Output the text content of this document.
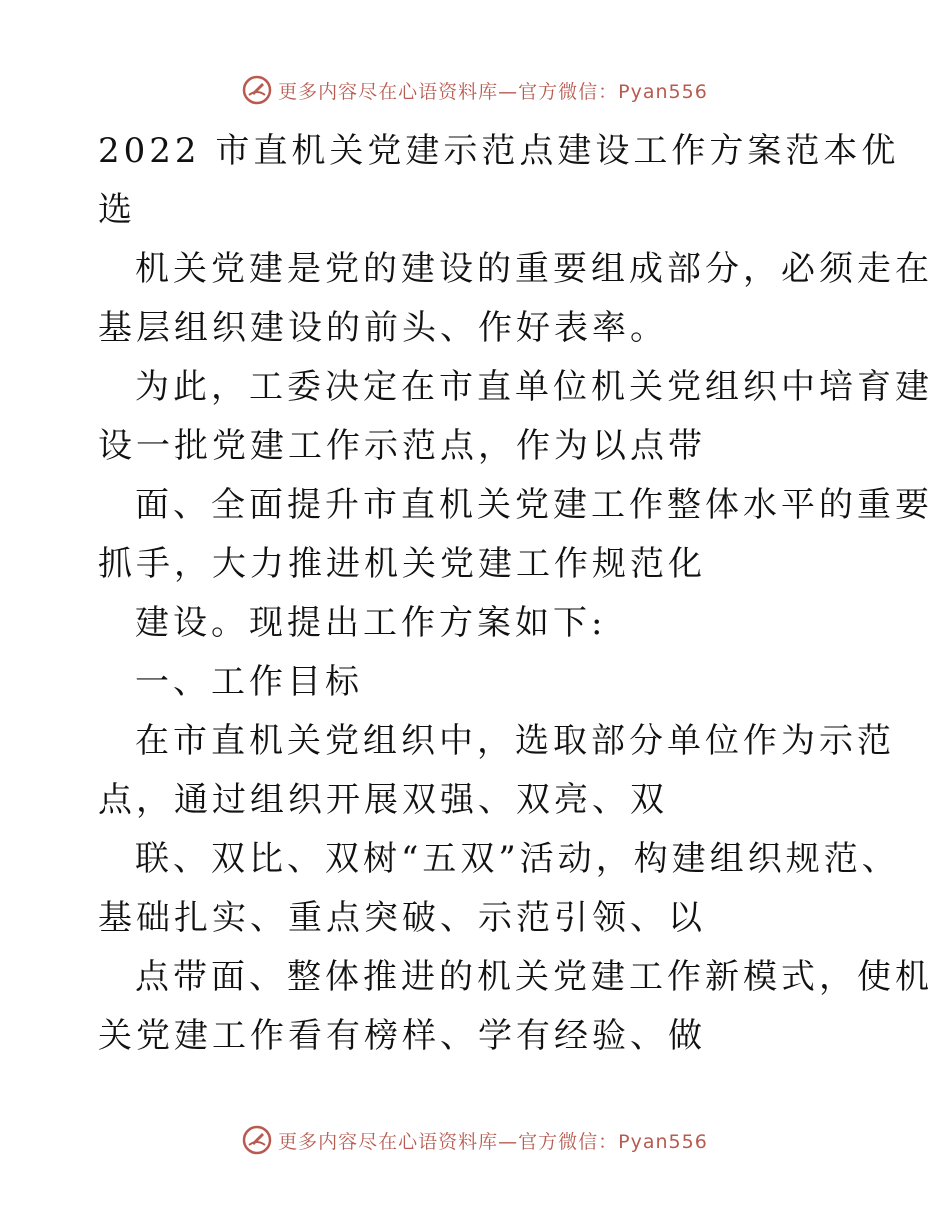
更多内容尽在心语资料库—官方微信：Pyan556
2022 市直机关党建示范点建设工作方案范本优
选
机关党建是党的建设的重要组成部分，必须走在
基层组织建设的前头、作好表率。
为此，工委决定在市直单位机关党组织中培育建
设一批党建工作示范点，作为以点带
面、全面提升市直机关党建工作整体水平的重要
抓手，大力推进机关党建工作规范化
建设。现提出工作方案如下:
一、工作目标
在市直机关党组织中，选取部分单位作为示范
点，通过组织开展双强、双亮、双
联、双比、双树“五双”活动，构建组织规范、
基础扎实、重点突破、示范引领、以
点带面、整体推进的机关党建工作新模式，使机
关党建工作看有榜样、学有经验、做
更多内容尽在心语资料库—官方微信：Pyan556
